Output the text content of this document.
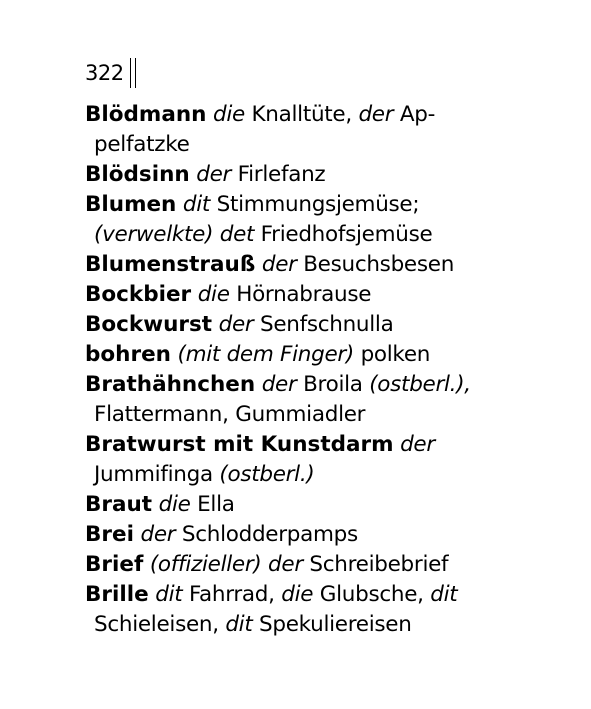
322

Blödmann die Knalltüte, der Ap-
pelfatzke

Blödsinn der Firlefanz

Blumen dit Stimmungsjemüse;
(verwelkte) det Friedhofsjemüse

Blumenstrauß der Besuchsbesen

Bockbier die Hörnabrause

Bockwurst der Senfschnulla

bohren (mit dem Finger) polken

Brathähnchen der Broila (ostberl.),
Flattermann, Gummiadler

Bratwurst mit Kunstdarm der
Jummifinga (ostberl.)

Braut die Ella

Brei der Schlodderpamps

Brief (offizieller) der Schreibebrief

Brille dit Fahrrad, die Glubsche, dit
Schieleisen, dit Spekuliereisen
